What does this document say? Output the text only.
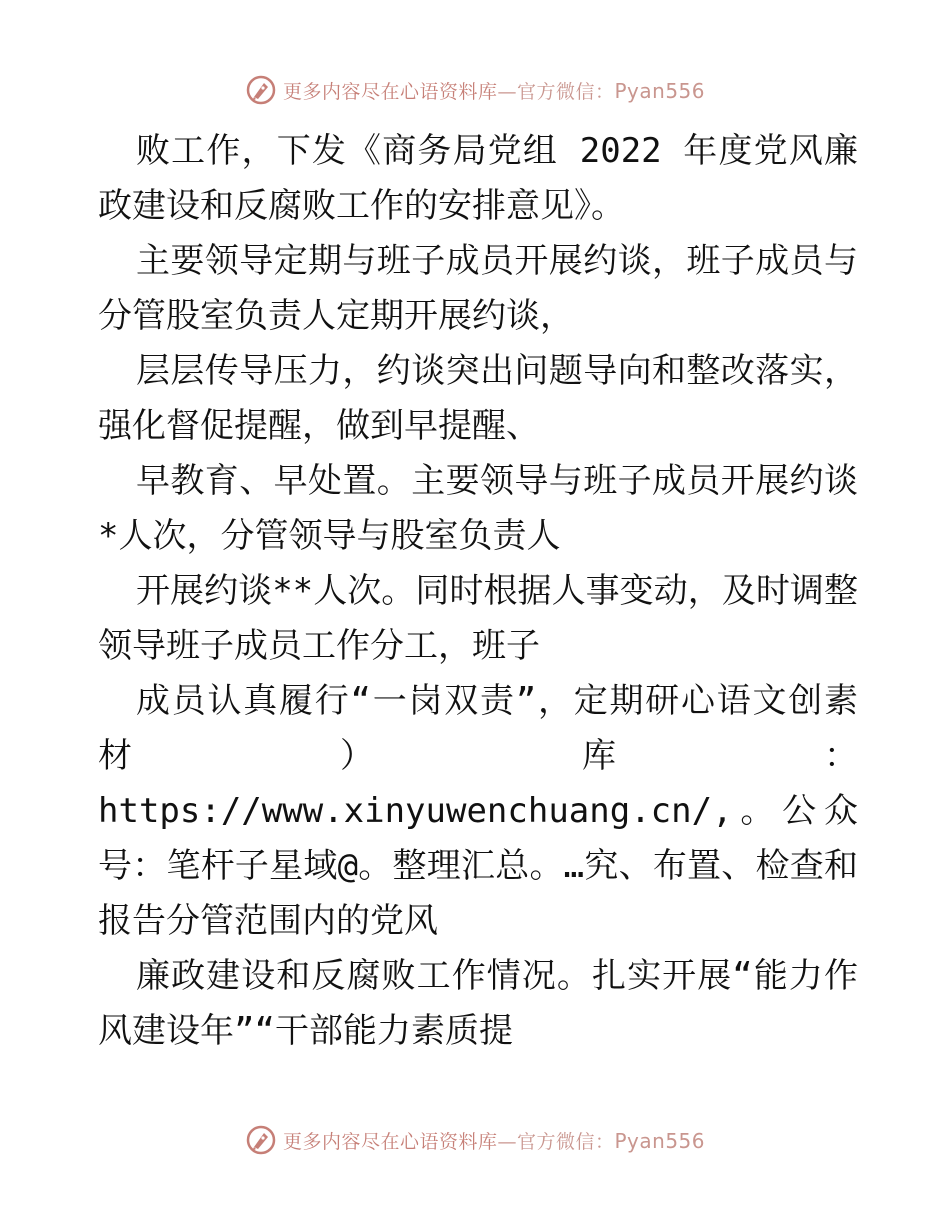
更多内容尽在心语资料库—官方微信：Pyan556

败工作，下发《商务局党组 2022 年度党风廉政建设和反腐败工作的安排意见》。

主要领导定期与班子成员开展约谈，班子成员与分管股室负责人定期开展约谈，

层层传导压力，约谈突出问题导向和整改落实，强化督促提醒，做到早提醒、

早教育、早处置。主要领导与班子成员开展约谈*人次，分管领导与股室负责人

开展约谈**人次。同时根据人事变动，及时调整领导班子成员工作分工，班子

成员认真履行“一岗双责”，定期研心语文创素材）库：https://www.xinyuwenchuang.cn/,。公众号：笔杆子星域@。整理汇总。…究、布置、检查和报告分管范围内的党风

廉政建设和反腐败工作情况。扎实开展“能力作风建设年”“干部能力素质提

更多内容尽在心语资料库—官方微信：Pyan556
